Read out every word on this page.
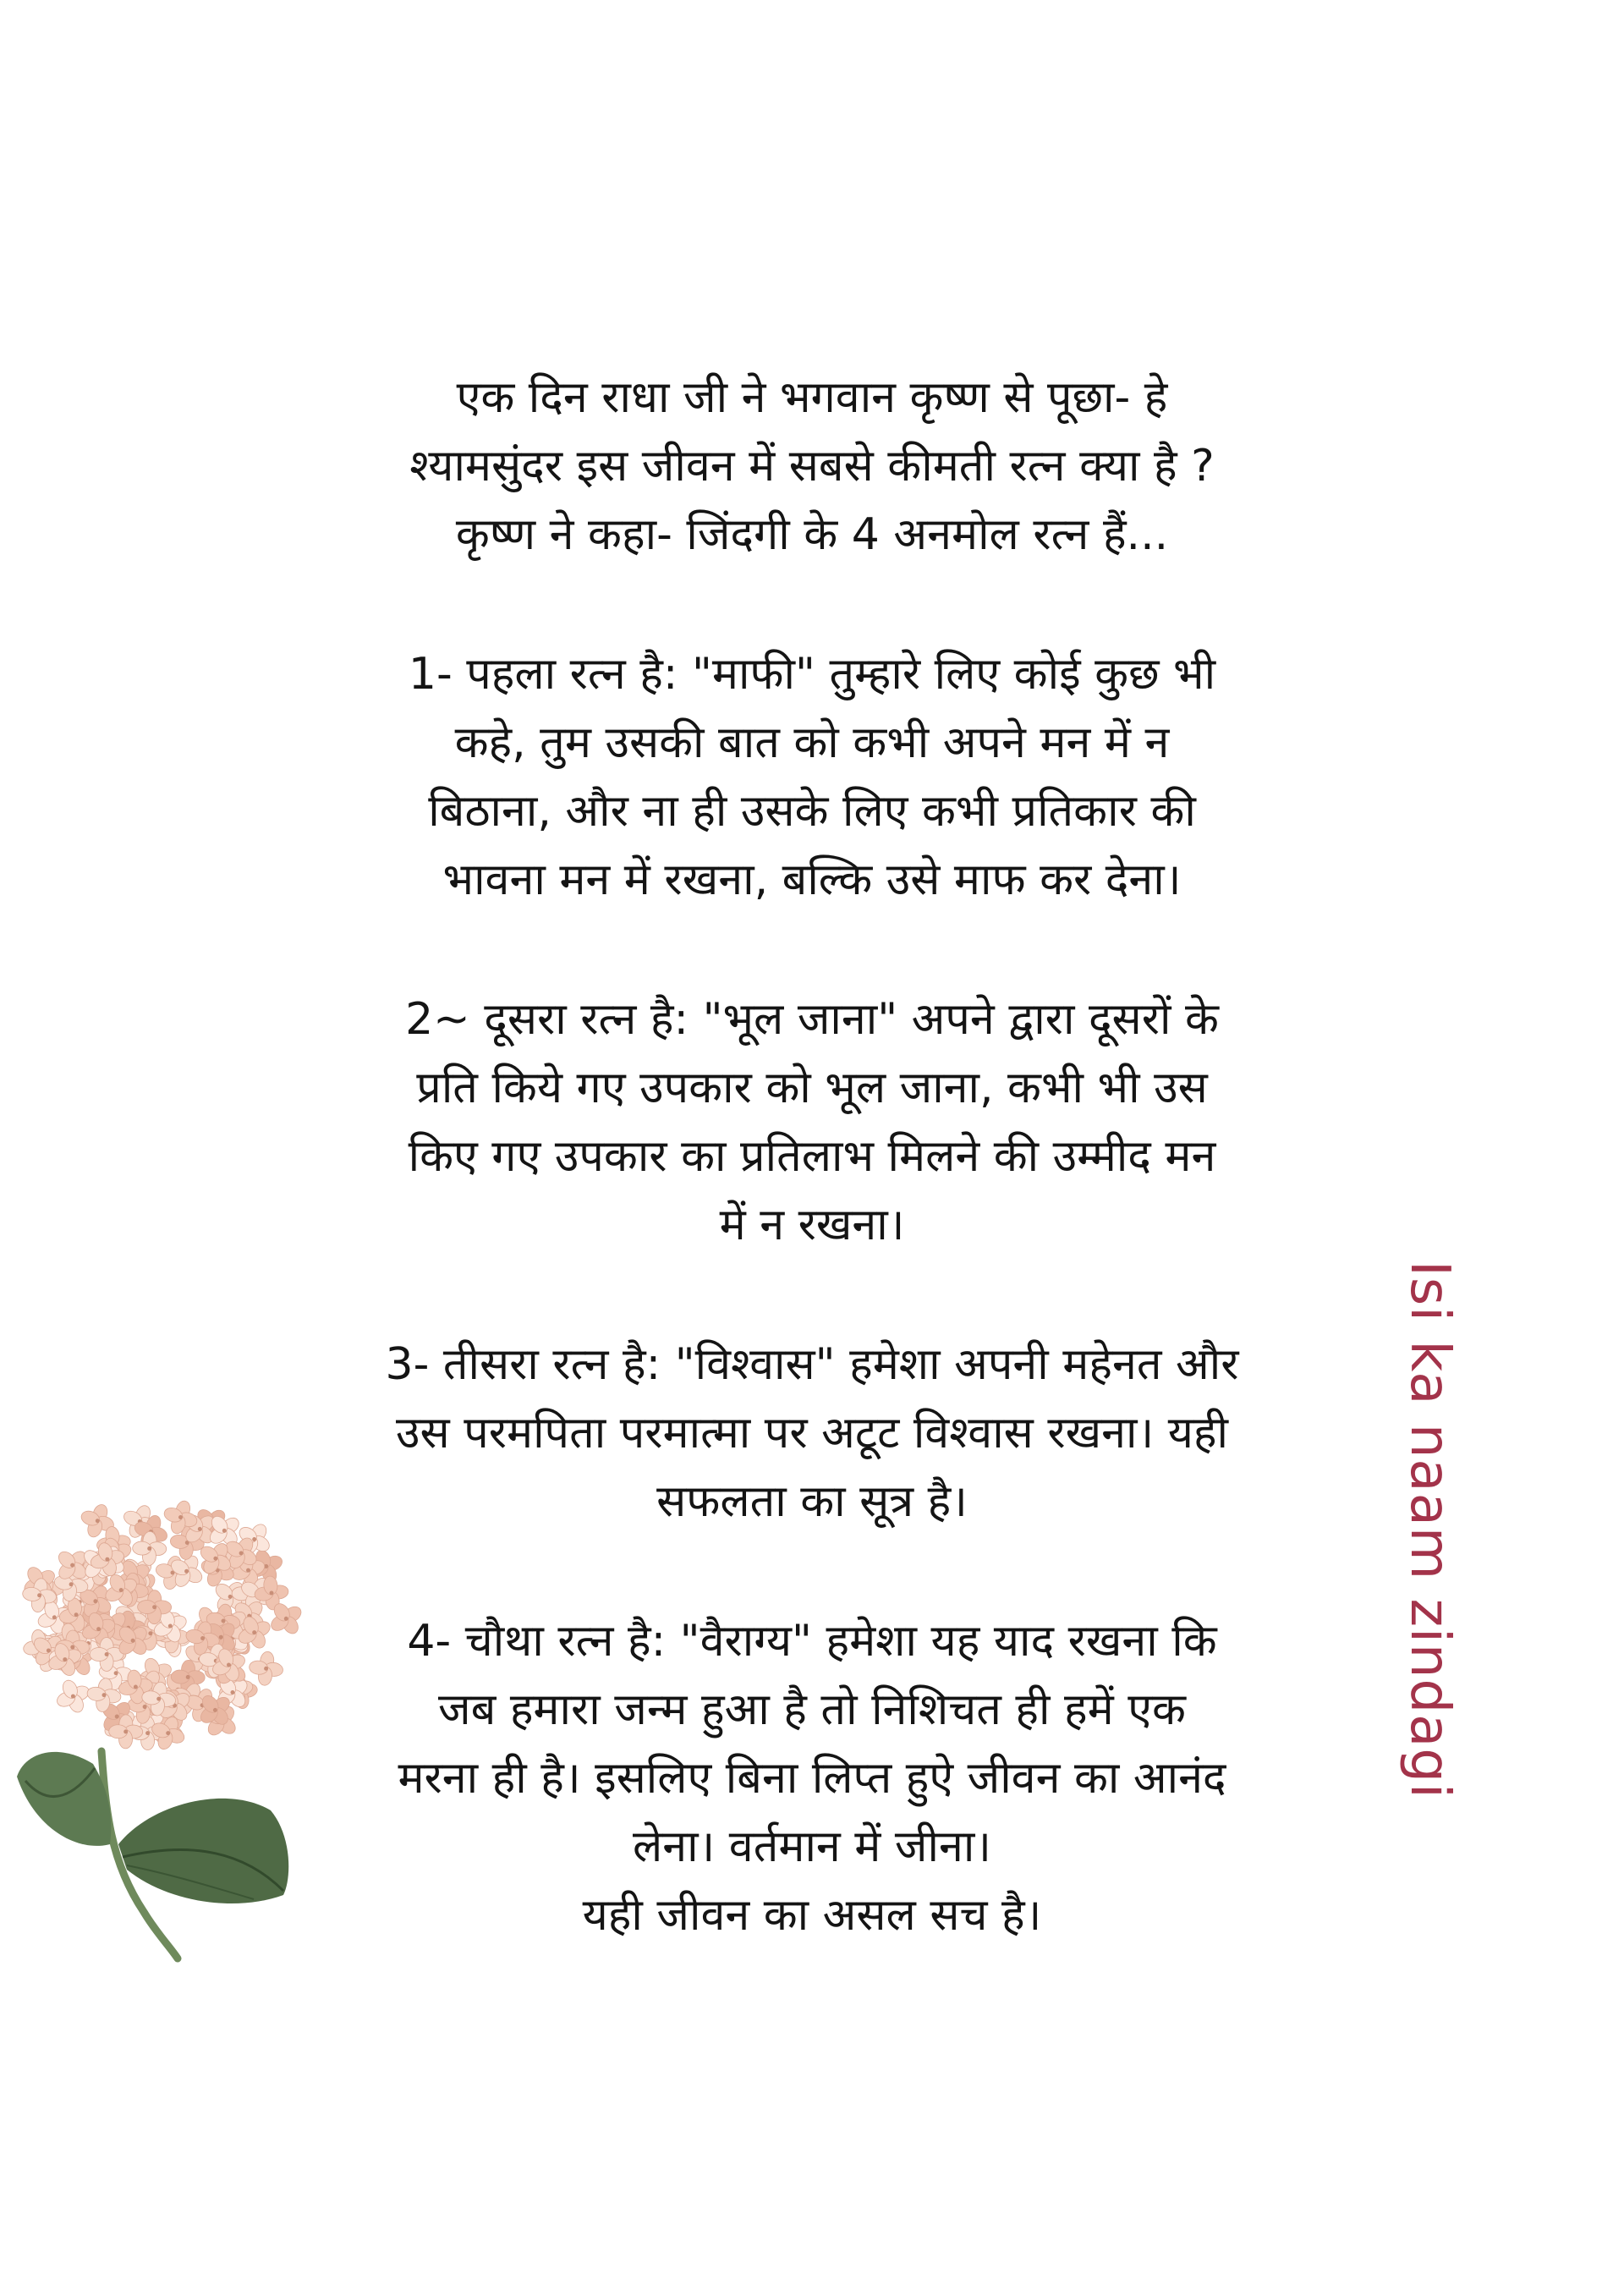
एक दिन राधा जी ने भगवान कृष्ण से पूछा- हे
श्यामसुंदर इस जीवन में सबसे कीमती रत्न क्या है ?
कृष्ण ने कहा- जिंदगी के 4 अनमोल रत्न हैं...
1- पहला रत्न है: "माफी" तुम्हारे लिए कोई कुछ भी
कहे, तुम उसकी बात को कभी अपने मन में न
बिठाना, और ना ही उसके लिए कभी प्रतिकार की
भावना मन में रखना, बल्कि उसे माफ कर देना।
2~ दूसरा रत्न है: "भूल जाना" अपने द्वारा दूसरों के
प्रति किये गए उपकार को भूल जाना, कभी भी उस
किए गए उपकार का प्रतिलाभ मिलने की उम्मीद मन
में न रखना।
3- तीसरा रत्न है: "विश्वास" हमेशा अपनी महेनत और
उस परमपिता परमात्मा पर अटूट विश्वास रखना। यही
सफलता का सूत्र है।
4- चौथा रत्न है: "वैराग्य" हमेशा यह याद रखना कि
जब हमारा जन्म हुआ है तो निशिचत ही हमें एक
मरना ही है। इसलिए बिना लिप्त हुऐ जीवन का आनंद
लेना। वर्तमान में जीना।
यही जीवन का असल सच है।
Isi ka naam zindagi
